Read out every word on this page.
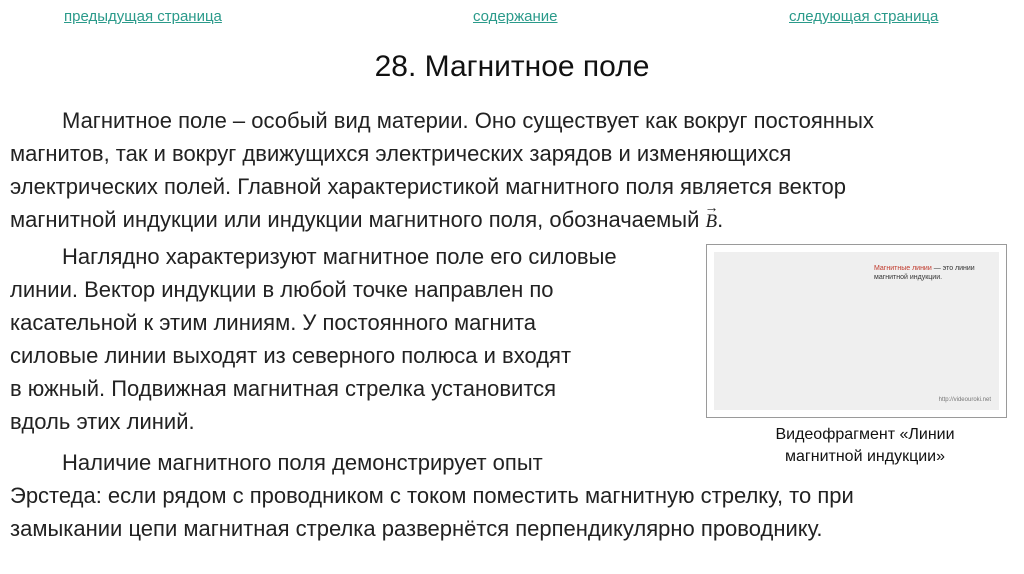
предыдущая страница	содержание	следующая страница
28. Магнитное поле

Магнитное поле – особый вид материи. Оно существует как вокруг постоянных
магнитов, так и вокруг движущихся электрических зарядов и изменяющихся
электрических полей. Главной характеристикой магнитного поля является вектор
магнитной индукции или индукции магнитного поля, обозначаемый →
B.

Наглядно характеризуют магнитное поле его силовые
линии. Вектор индукции в любой точке направлен по
касательной к этим линиям. У постоянного магнита
силовые линии выходят из северного полюса и входят
в южный. Подвижная магнитная стрелка установится
вдоль этих линий.

Наличие магнитного поля демонстрирует опыт
Эрстеда: если рядом с проводником с током поместить магнитную стрелку, то при
замыкании цепи магнитная стрелка развернётся перпендикулярно проводнику.

Магнитные линии — это линии магнитной индукции.
http://videouroki.net
Видеофрагмент «Линии
магнитной индукции»
